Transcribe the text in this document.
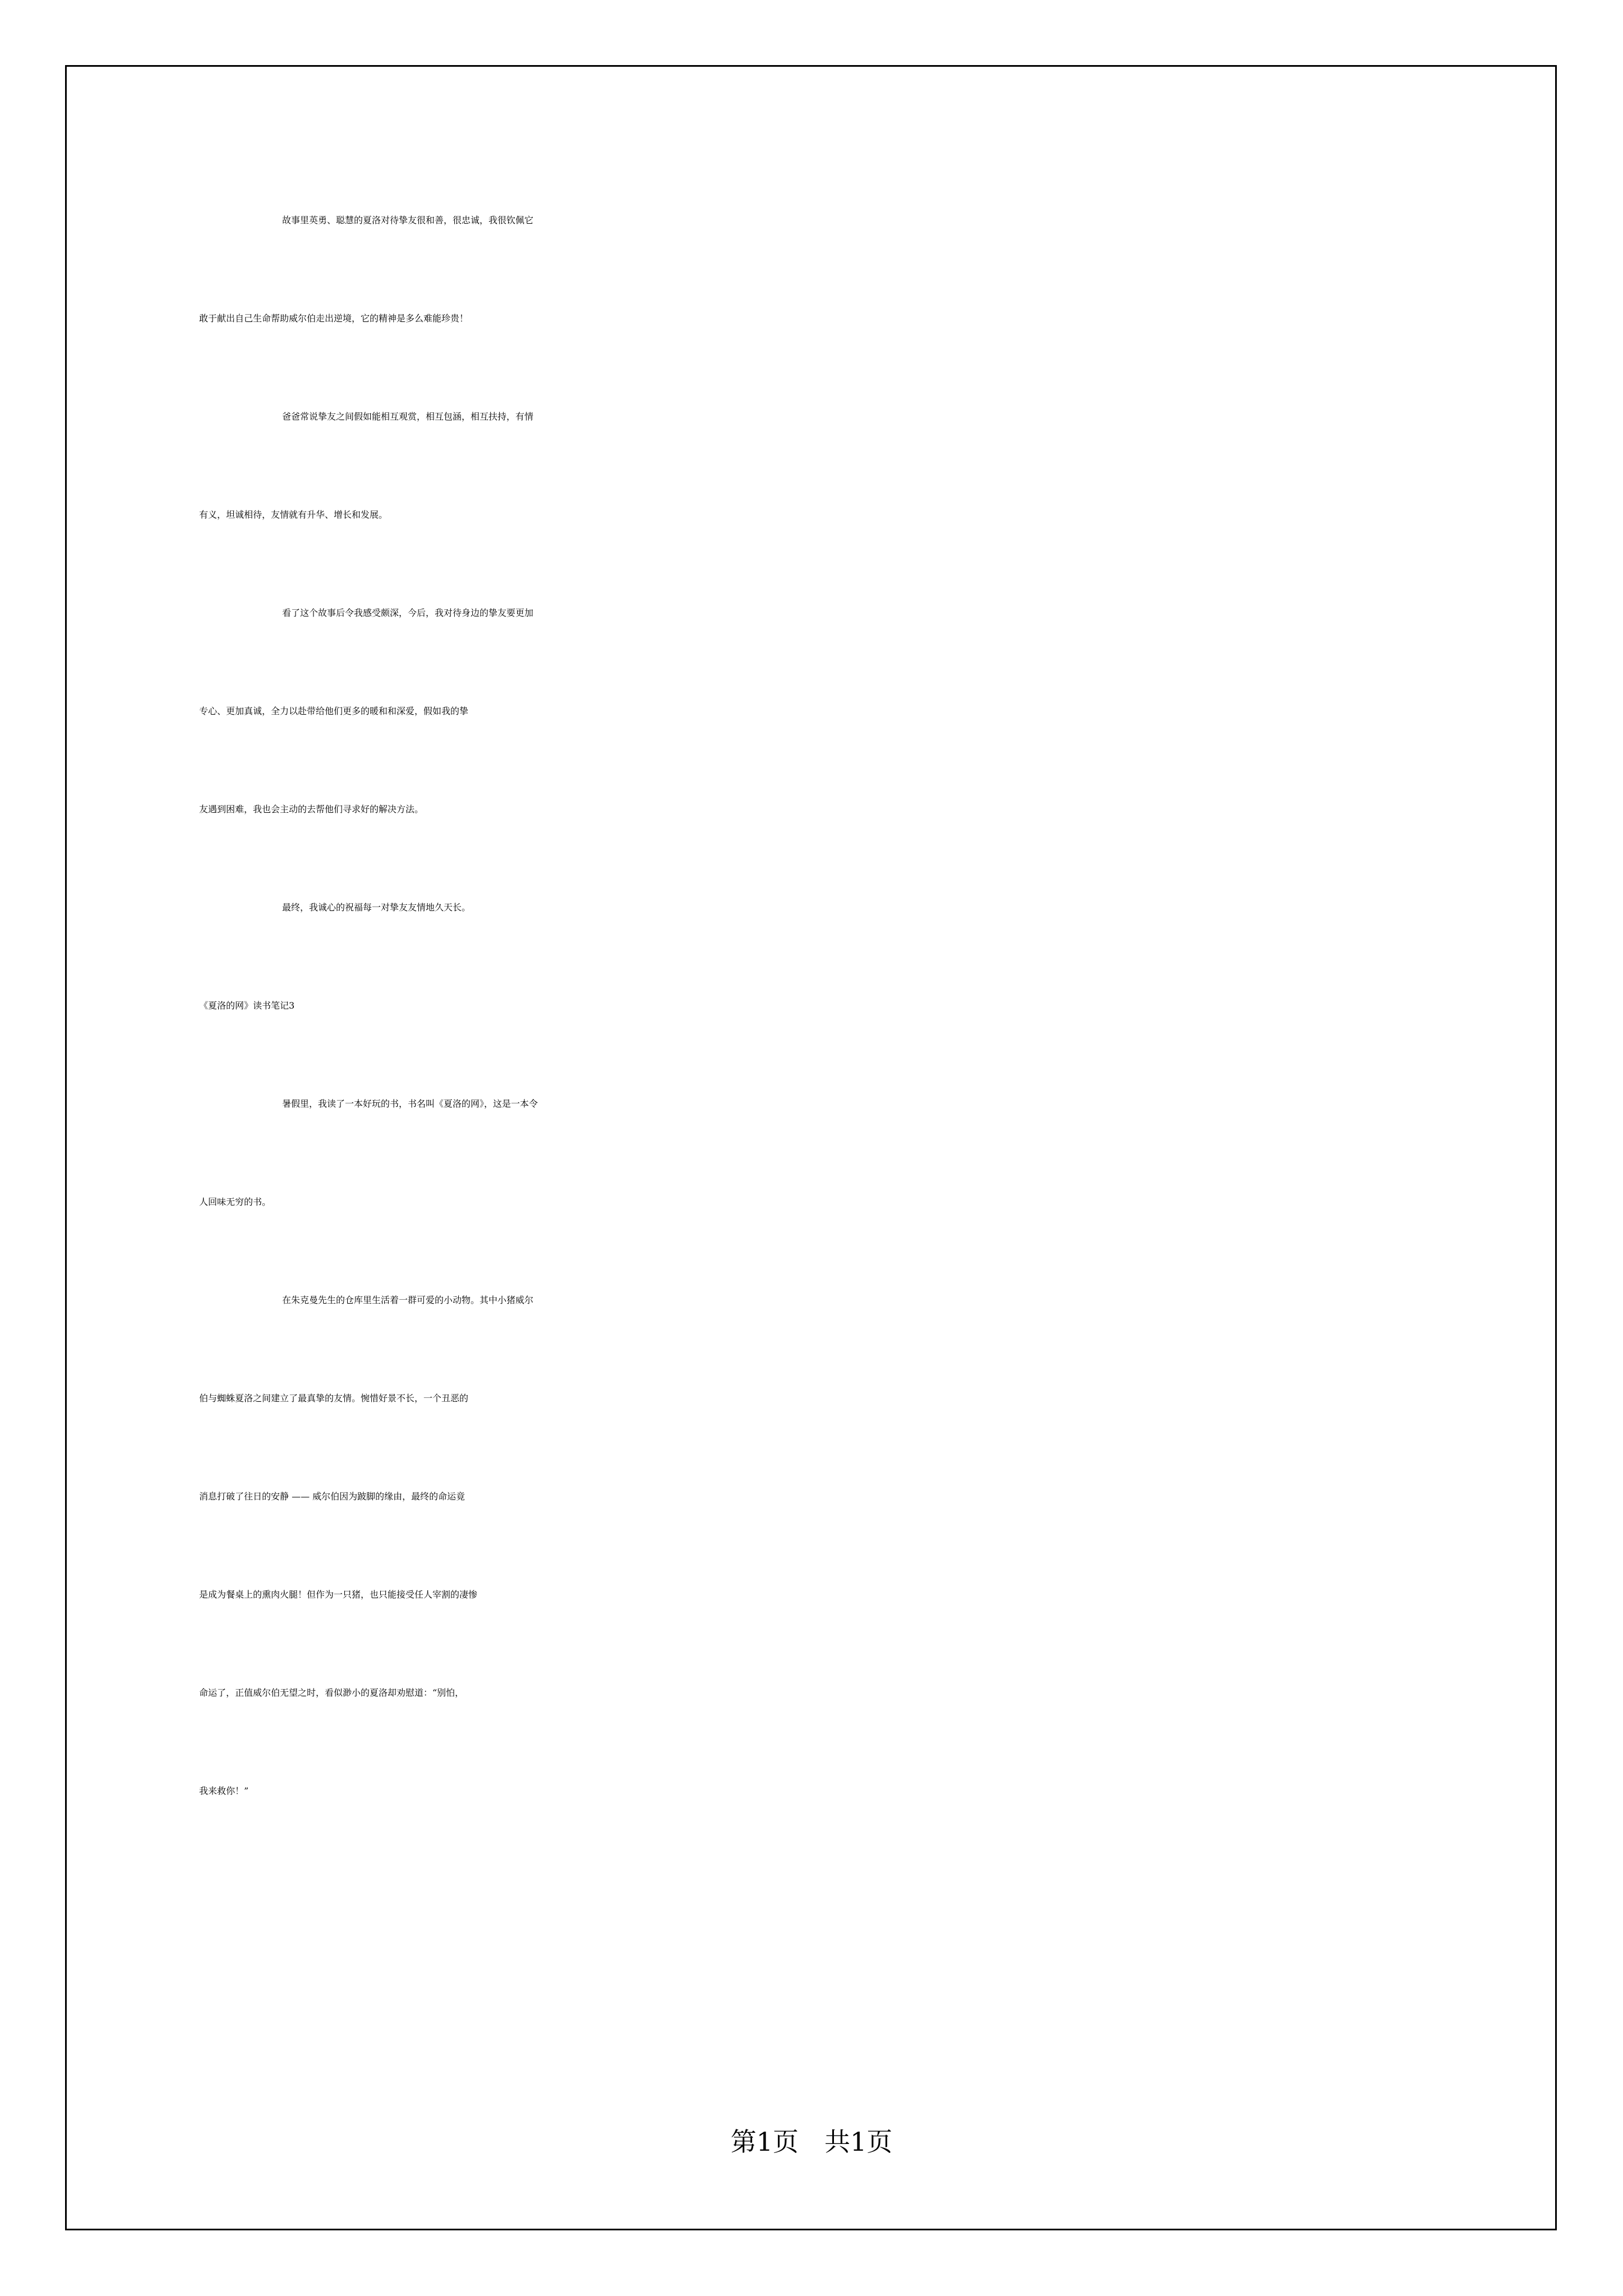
故事里英勇、聪慧的夏洛对待挚友很和善，很忠诚，我很钦佩它
敢于献出自己生命帮助威尔伯走出逆境，它的精神是多么难能珍贵！
爸爸常说挚友之间假如能相互观赏，相互包涵，相互扶持，有情
有义，坦诚相待，友情就有升华、增长和发展。
看了这个故事后令我感受颇深，今后，我对待身边的挚友要更加
专心、更加真诚，全力以赴带给他们更多的暖和和深爱，假如我的挚
友遇到困难，我也会主动的去帮他们寻求好的解决方法。
最终，我诚心的祝福每一对挚友友情地久天长。
《夏洛的网》读书笔记3
暑假里，我读了一本好玩的书，书名叫《夏洛的网》，这是一本令
人回味无穷的书。
在朱克曼先生的仓库里生活着一群可爱的小动物。其中小猪威尔
伯与蜘蛛夏洛之间建立了最真挚的友情。惋惜好景不长，一个丑恶的
消息打破了往日的安静 —— 威尔伯因为跛脚的缘由，最终的命运竟
是成为餐桌上的熏肉火腿！但作为一只猪，也只能接受任人宰割的凄惨
命运了，正值威尔伯无望之时，看似渺小的夏洛却劝慰道：“别怕，
我来救你！”
第1页　共1页
